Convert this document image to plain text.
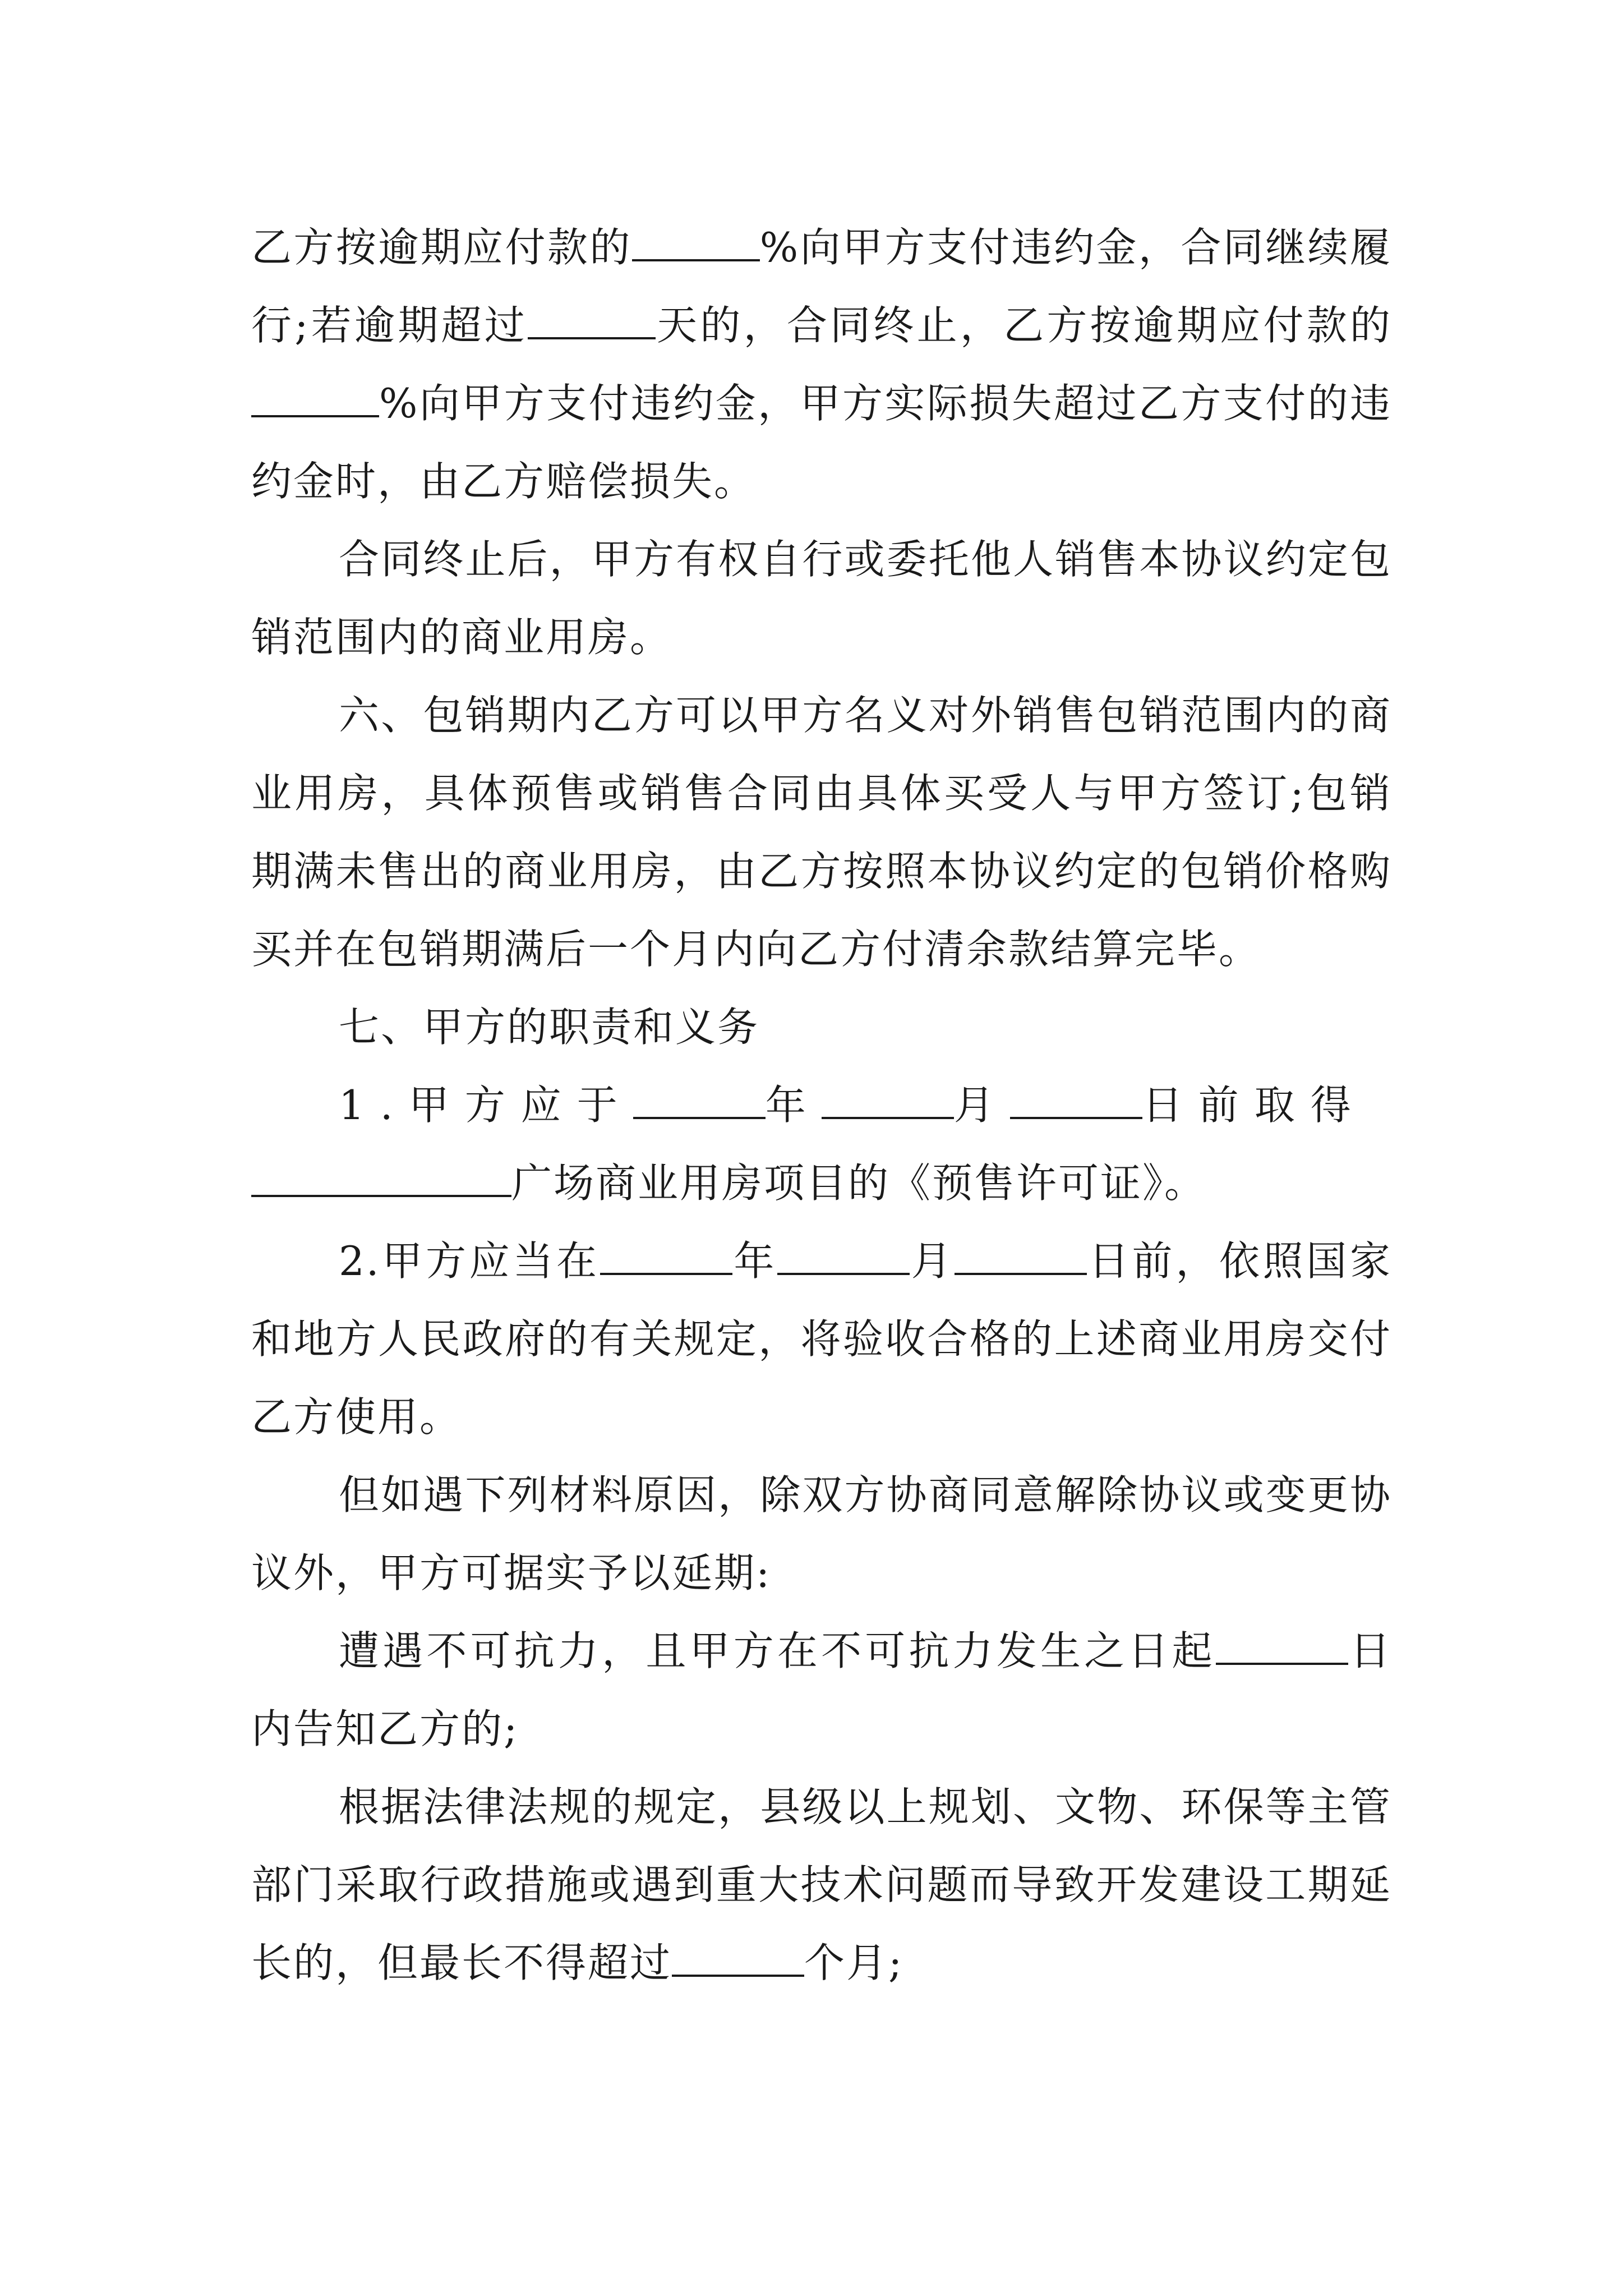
乙方按逾期应付款的	%向甲方支付违约金，合同继续履行;若逾期超过	天的，合同终止，乙方按逾期应付款的%向甲方支付违约金，甲方实际损失超过乙方支付的违约金时，由乙方赔偿损失。

合同终止后，甲方有权自行或委托他人销售本协议约定包销范围内的商业用房。

六、包销期内乙方可以甲方名义对外销售包销范围内的商业用房，具体预售或销售合同由具体买受人与甲方签订;包销期满未售出的商业用房，由乙方按照本协议约定的包销价格购买并在包销期满后一个月内向乙方付清余款结算完毕。

七、甲方的职责和义务

1.甲方应于	年	月	日前取得
广场商业用房项目的《预售许可证》。

2.甲方应当在	年	月	日前，依照国家和地方人民政府的有关规定，将验收合格的上述商业用房交付乙方使用。

但如遇下列材料原因，除双方协商同意解除协议或变更协议外，甲方可据实予以延期:

遭遇不可抗力，且甲方在不可抗力发生之日起	日内告知乙方的;

根据法律法规的规定，县级以上规划、文物、环保等主管部门采取行政措施或遇到重大技术问题而导致开发建设工期延长的，但最长不得超过	个月;
